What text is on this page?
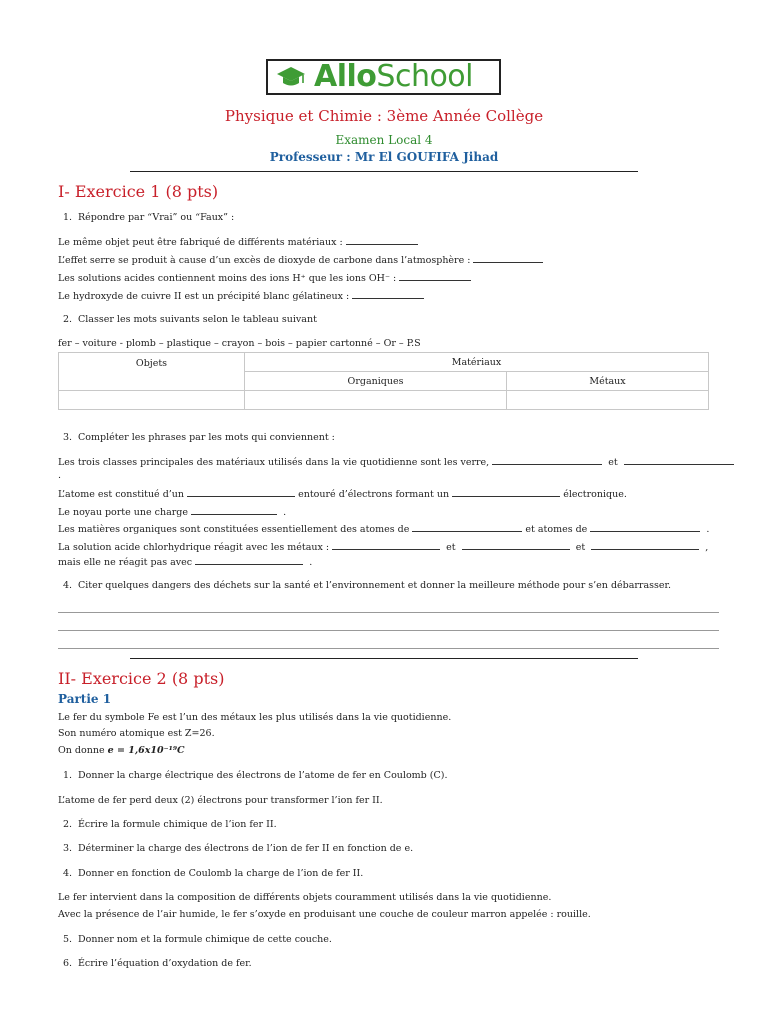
AlloSchool
Physique et Chimie : 3ème Année Collège
Examen Local 4
Professeur : Mr El GOUFIFA Jihad
I- Exercice 1 (8 pts)
1. Répondre par “Vrai” ou “Faux” :
Le même objet peut être fabriqué de différents matériaux :
L’effet serre se produit à cause d’un excès de dioxyde de carbone dans l’atmosphère :
Les solutions acides contiennent moins des ions H⁺ que les ions OH⁻ :
Le hydroxyde de cuivre II est un précipité blanc gélatineux :
2. Classer les mots suivants selon le tableau suivant
fer – voiture - plomb – plastique – crayon – bois – papier cartonné – Or – P.S
Objets	Matériaux	
	Organiques	Métaux

3. Compléter les phrases par les mots qui conviennent :
Les trois classes principales des matériaux utilisés dans la vie quotidienne sont les verre,	et
.
L’atome est constitué d’un	entouré d’électrons formant un	électronique.
Le noyau porte une charge	.
Les matières organiques sont constituées essentiellement des atomes de	et atomes de	.
La solution acide chlorhydrique réagit avec les métaux :	et	et	,
mais elle ne réagit pas avec	.
4. Citer quelques dangers des déchets sur la santé et l’environnement et donner la meilleure méthode pour s’en débarrasser.
II- Exercice 2 (8 pts)
Partie 1
Le fer du symbole Fe est l’un des métaux les plus utilisés dans la vie quotidienne.
Son numéro atomique est Z=26.
On donne e = 1,6x10⁻¹⁹C
1. Donner la charge électrique des électrons de l’atome de fer en Coulomb (C).
L’atome de fer perd deux (2) électrons pour transformer l’ion fer II.
2. Écrire la formule chimique de l’ion fer II.
3. Déterminer la charge des électrons de l’ion de fer II en fonction de e.
4. Donner en fonction de Coulomb la charge de l’ion de fer II.
Le fer intervient dans la composition de différents objets couramment utilisés dans la vie quotidienne.
Avec la présence de l’air humide, le fer s’oxyde en produisant une couche de couleur marron appelée : rouille.
5. Donner nom et la formule chimique de cette couche.
6. Écrire l’équation d’oxydation de fer.
